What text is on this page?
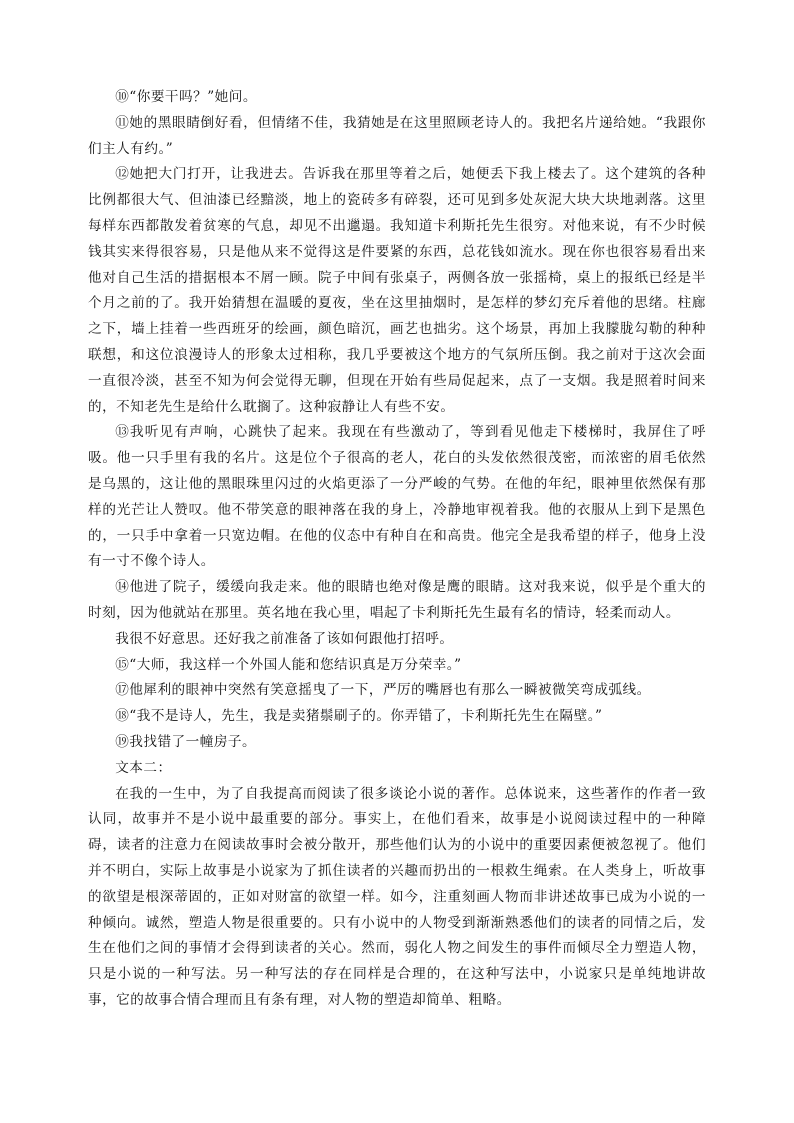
⑩“你要干吗？”她问。

⑪她的黑眼睛倒好看，但情绪不佳，我猜她是在这里照顾老诗人的。我把名片递给她。“我跟你们主人有约。”

⑫她把大门打开，让我进去。告诉我在那里等着之后，她便丢下我上楼去了。这个建筑的各种比例都很大气、但油漆已经黯淡，地上的瓷砖多有碎裂，还可见到多处灰泥大块大块地剥落。这里每样东西都散发着贫寒的气息，却见不出邋遢。我知道卡利斯托先生很穷。对他来说，有不少时候钱其实来得很容易，只是他从来不觉得这是件要紧的东西，总花钱如流水。现在你也很容易看出来他对自己生活的措据根本不屑一顾。院子中间有张桌子，两侧各放一张摇椅，桌上的报纸已经是半个月之前的了。我开始猜想在温暖的夏夜，坐在这里抽烟时，是怎样的梦幻充斥着他的思绪。柱廊之下，墙上挂着一些西班牙的绘画，颜色暗沉，画艺也拙劣。这个场景，再加上我朦胧勾勒的种种联想，和这位浪漫诗人的形象太过相称，我几乎要被这个地方的气氛所压倒。我之前对于这次会面一直很冷淡，甚至不知为何会觉得无聊，但现在开始有些局促起来，点了一支烟。我是照着时间来的，不知老先生是给什么耽搁了。这种寂静让人有些不安。

⑬我听见有声响，心跳快了起来。我现在有些激动了，等到看见他走下楼梯时，我屏住了呼吸。他一只手里有我的名片。这是位个子很高的老人，花白的头发依然很茂密，而浓密的眉毛依然是乌黑的，这让他的黑眼珠里闪过的火焰更添了一分严峻的气势。在他的年纪，眼神里依然保有那样的光芒让人赞叹。他不带笑意的眼神落在我的身上，冷静地审视着我。他的衣服从上到下是黑色的，一只手中拿着一只宽边帽。在他的仪态中有种自在和高贵。他完全是我希望的样子，他身上没有一寸不像个诗人。

⑭他进了院子，缓缓向我走来。他的眼睛也绝对像是鹰的眼睛。这对我来说，似乎是个重大的时刻，因为他就站在那里。英名地在我心里，唱起了卡利斯托先生最有名的情诗，轻柔而动人。

我很不好意思。还好我之前准备了该如何跟他打招呼。

⑮“大师，我这样一个外国人能和您结识真是万分荣幸。”

⑰他犀利的眼神中突然有笑意摇曳了一下，严厉的嘴唇也有那么一瞬被微笑弯成弧线。

⑱“我不是诗人，先生，我是卖猪鬃刷子的。你弄错了，卡利斯托先生在隔壁。”

⑲我找错了一幢房子。

文本二：

在我的一生中，为了自我提高而阅读了很多谈论小说的著作。总体说来，这些著作的作者一致认同，故事并不是小说中最重要的部分。事实上，在他们看来，故事是小说阅读过程中的一种障碍，读者的注意力在阅读故事时会被分散开，那些他们认为的小说中的重要因素便被忽视了。他们并不明白，实际上故事是小说家为了抓住读者的兴趣而扔出的一根救生绳索。在人类身上，听故事的欲望是根深蒂固的，正如对财富的欲望一样。如今，注重刻画人物而非讲述故事已成为小说的一种倾向。诚然，塑造人物是很重要的。只有小说中的人物受到渐渐熟悉他们的读者的同情之后，发生在他们之间的事情才会得到读者的关心。然而，弱化人物之间发生的事件而倾尽全力塑造人物，只是小说的一种写法。另一种写法的存在同样是合理的，在这种写法中，小说家只是单纯地讲故事，它的故事合情合理而且有条有理，对人物的塑造却简单、粗略。
